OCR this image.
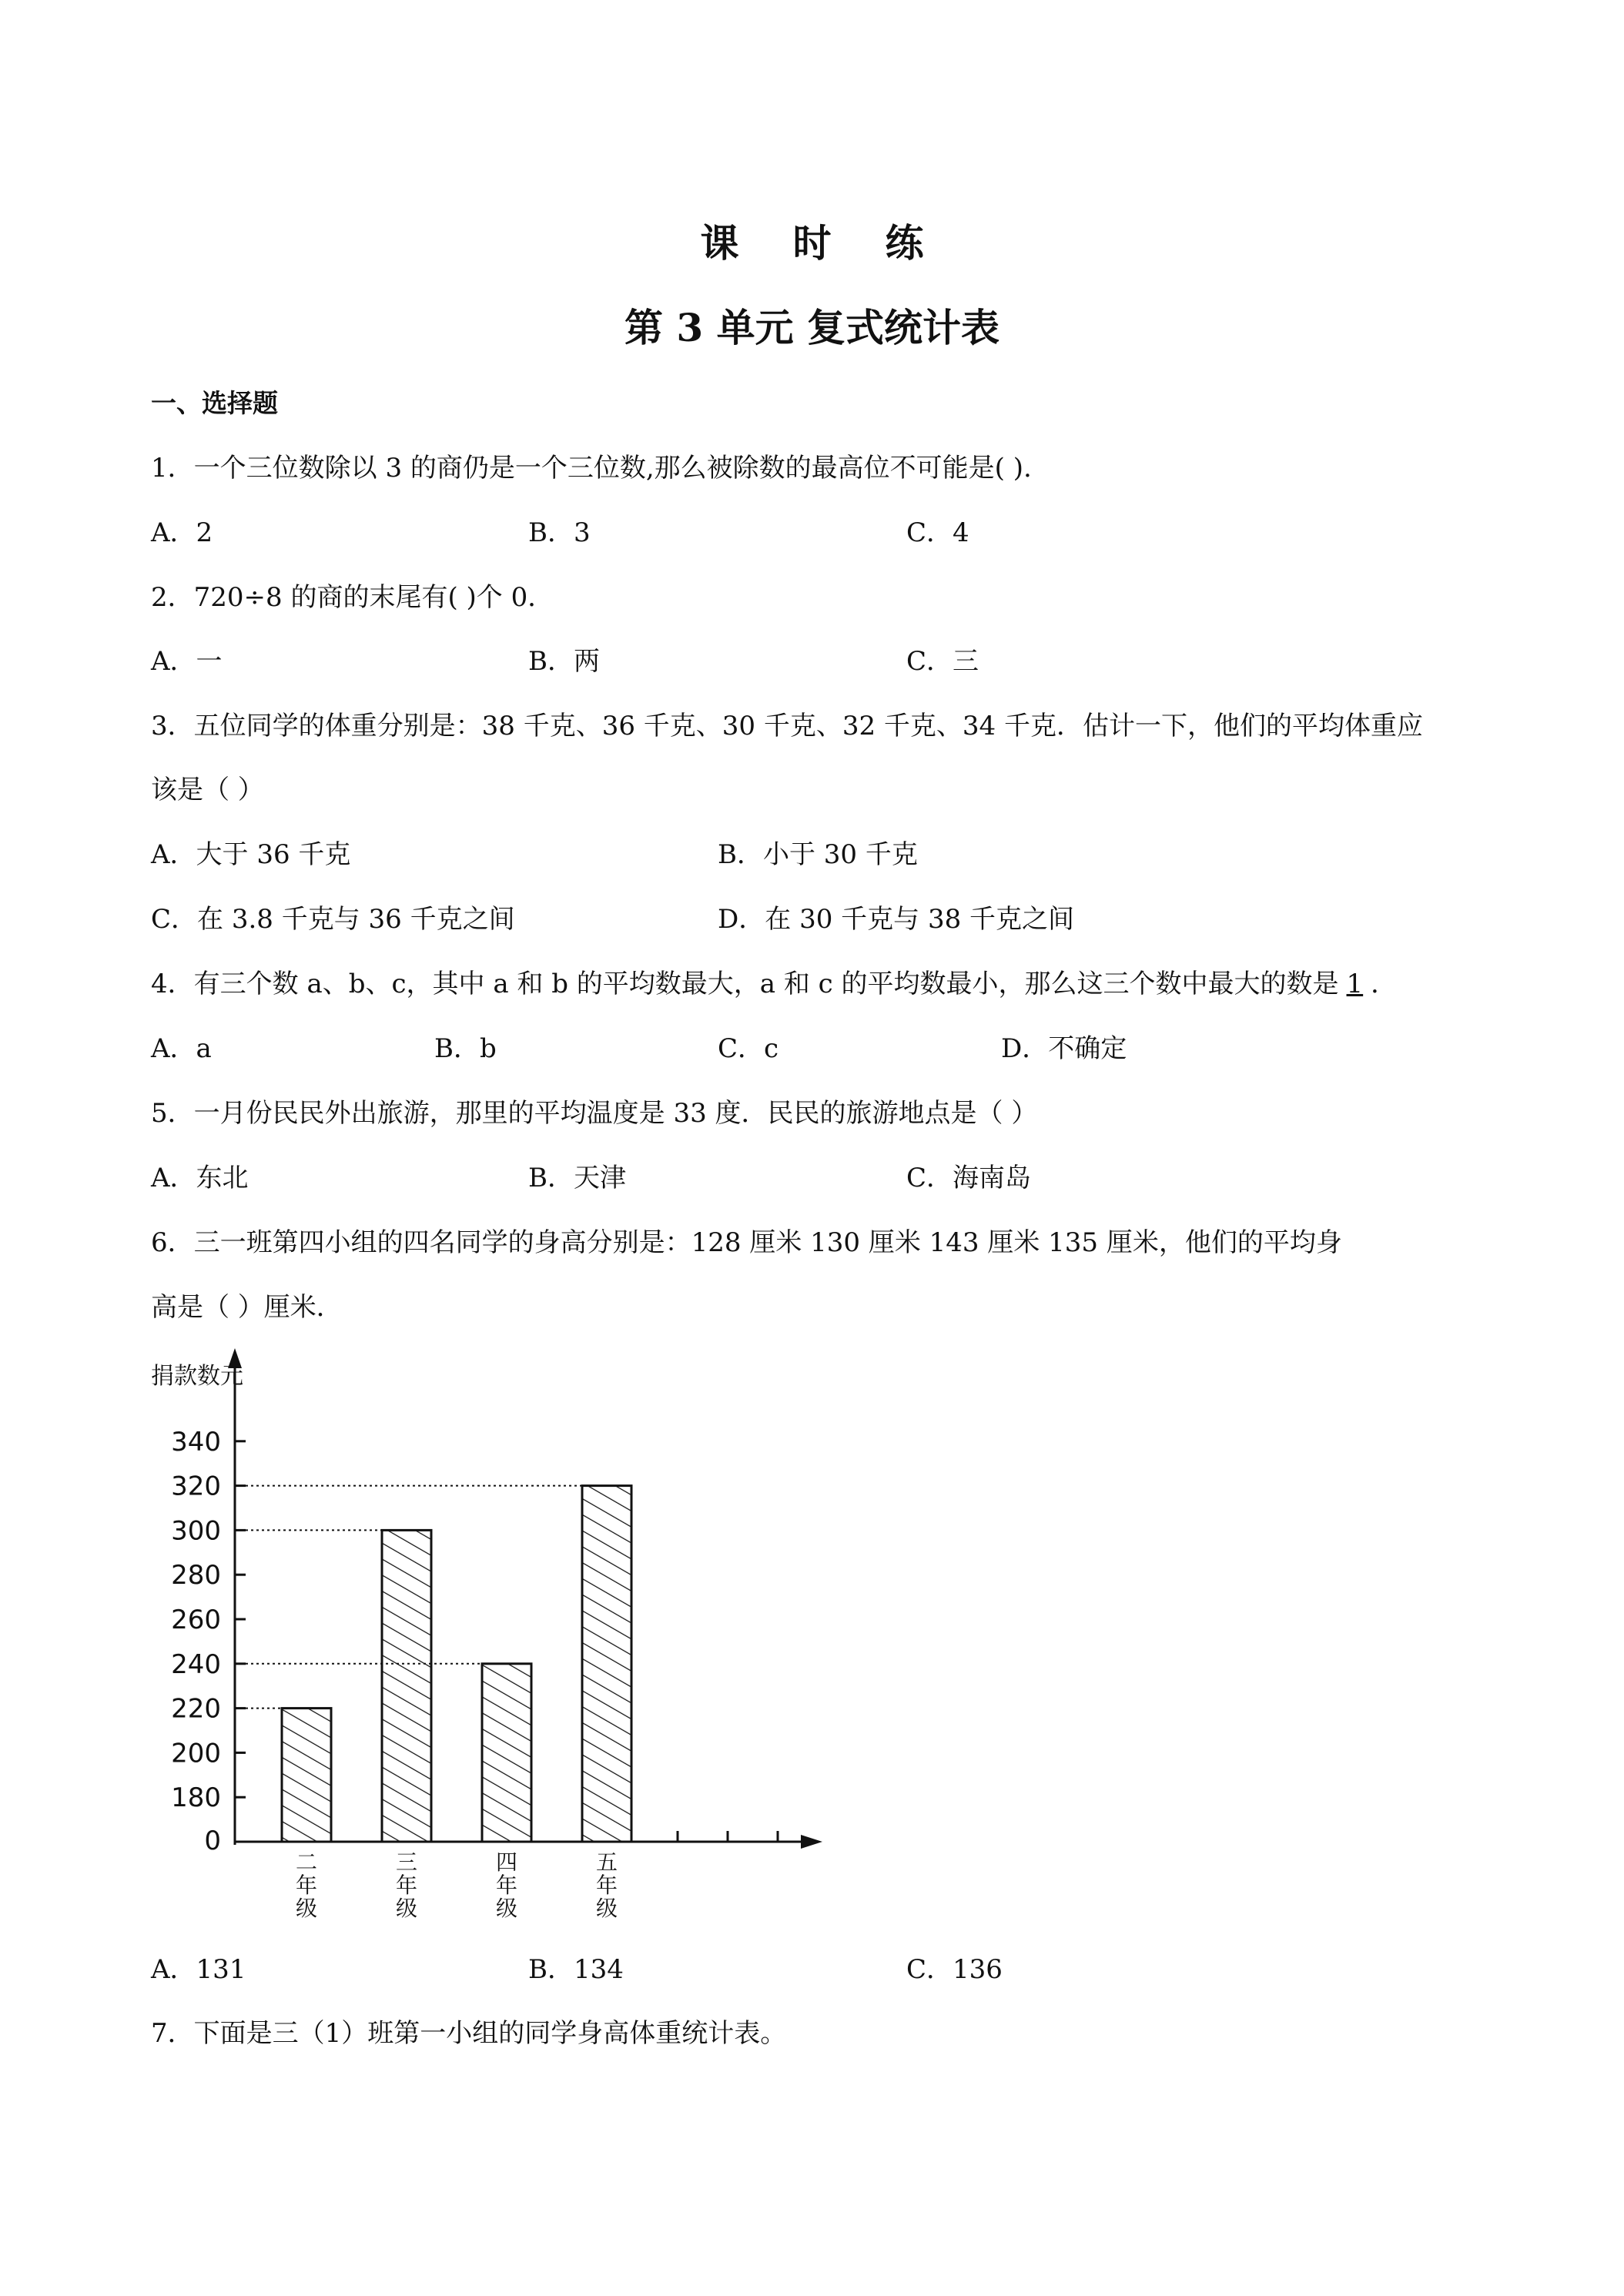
课时练
第 3 单元 复式统计表
一、选择题
1．一个三位数除以 3 的商仍是一个三位数,那么被除数的最高位不可能是( ).
A．2	B．3	C．4
2．720÷8 的商的末尾有( )个 0．
A．一	B．两	C．三
3．五位同学的体重分别是：38 千克、36 千克、30 千克、32 千克、34 千克．估计一下，他们的平均体重应
该是（ ）
A．大于 36 千克	B．小于 30 千克
C．在 3.8 千克与 36 千克之间	D．在 30 千克与 38 千克之间
4．有三个数 a、b、c，其中 a 和 b 的平均数最大，a 和 c 的平均数最小，那么这三个数中最大的数是 1 ．
A．a	B．b	C．c	D．不确定
5．一月份民民外出旅游，那里的平均温度是 33 度．民民的旅游地点是（ ）
A．东北	B．天津	C．海南岛
6．三一班第四小组的四名同学的身高分别是：128 厘米 130 厘米 143 厘米 135 厘米，他们的平均身
高是（ ）厘米．
0
180
200
220
240
260
280
300
320
340
捐款数元
二年级
三年级
四年级
五年级
A．131	B．134	C．136
7．下面是三（1）班第一小组的同学身高体重统计表。
